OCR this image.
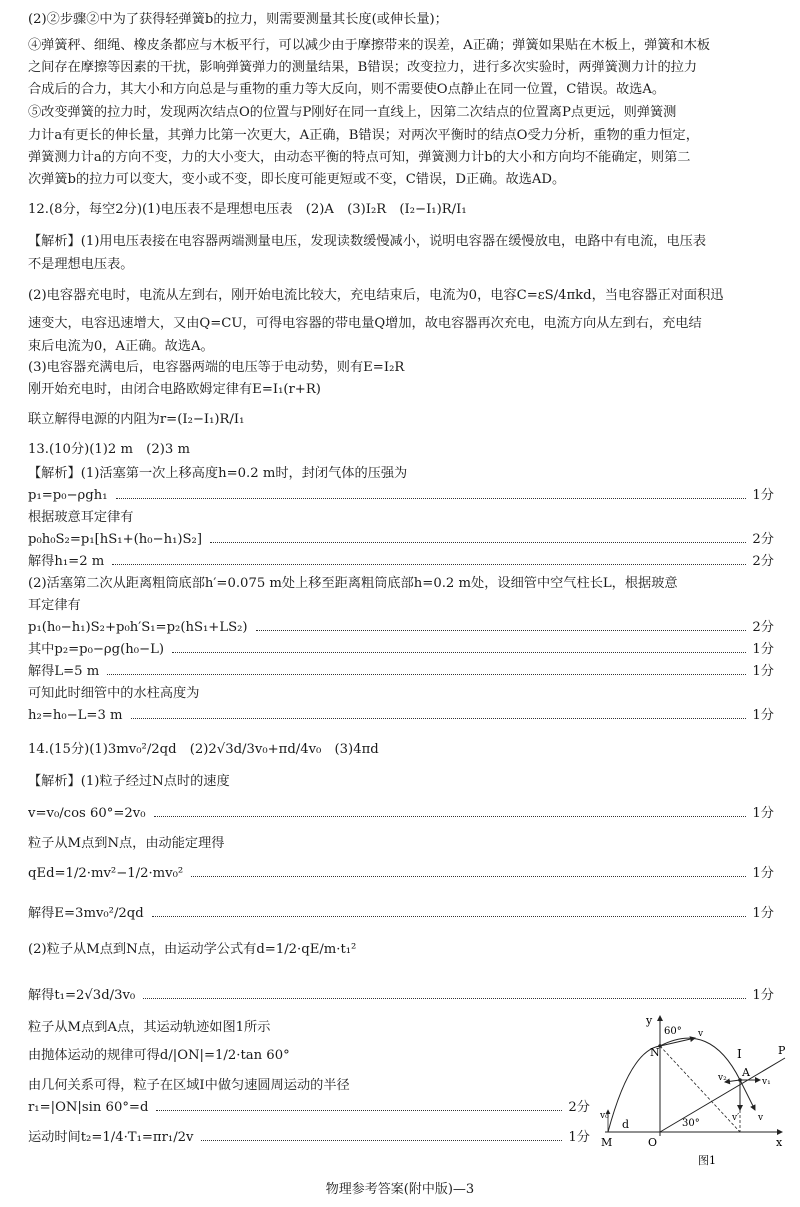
(2)②步骤②中为了获得轻弹簧b的拉力，则需要测量其长度(或伸长量)；
④弹簧秤、细绳、橡皮条都应与木板平行，可以减少由于摩擦带来的误差，A正确；弹簧如果贴在木板上，弹簧和木板
之间存在摩擦等因素的干扰，影响弹簧弹力的测量结果，B错误；改变拉力，进行多次实验时，两弹簧测力计的拉力
合成后的合力，其大小和方向总是与重物的重力等大反向，则不需要使O点静止在同一位置，C错误。故选A。
⑤改变弹簧的拉力时，发现两次结点O的位置与P刚好在同一直线上，因第二次结点的位置离P点更远，则弹簧测
力计a有更长的伸长量，其弹力比第一次更大，A正确，B错误；对两次平衡时的结点O受力分析，重物的重力恒定，
弹簧测力计a的方向不变，力的大小变大，由动态平衡的特点可知，弹簧测力计b的大小和方向均不能确定，则第二
次弹簧b的拉力可以变大，变小或不变，即长度可能更短或不变，C错误，D正确。故选AD。
12.(8分，每空2分)(1)电压表不是理想电压表　(2)A　(3)I₂R　(I₂−I₁)R/I₁
【解析】(1)用电压表接在电容器两端测量电压，发现读数缓慢减小，说明电容器在缓慢放电，电路中有电流，电压表
不是理想电压表。
(2)电容器充电时，电流从左到右，刚开始电流比较大，充电结束后，电流为0，电容C=εS/4πkd，当电容器正对面积迅
速变大，电容迅速增大，又由Q=CU，可得电容器的带电量Q增加，故电容器再次充电，电流方向从左到右，充电结
束后电流为0，A正确。故选A。
(3)电容器充满电后，电容器两端的电压等于电动势，则有E=I₂R
刚开始充电时，由闭合电路欧姆定律有E=I₁(r+R)
联立解得电源的内阻为r=(I₂−I₁)R/I₁
13.(10分)(1)2 m　(2)3 m
【解析】(1)活塞第一次上移高度h=0.2 m时，封闭气体的压强为
p₁=p₀−ρgh₁	1分
根据玻意耳定律有
p₀h₀S₂=p₁[hS₁+(h₀−h₁)S₂]	2分
解得h₁=2 m	2分
(2)活塞第二次从距离粗筒底部h′=0.075 m处上移至距离粗筒底部h=0.2 m处，设细管中空气柱长L，根据玻意
耳定律有
p₁(h₀−h₁)S₂+p₀h′S₁=p₂(hS₁+LS₂)	2分
其中p₂=p₀−ρg(h₀−L)	1分
解得L=5 m	1分
可知此时细管中的水柱高度为
h₂=h₀−L=3 m	1分
14.(15分)(1)3mv₀²/2qd　(2)2√3d/3v₀+πd/4v₀　(3)4πd
【解析】(1)粒子经过N点时的速度
v=v₀/cos 60°=2v₀	1分
粒子从M点到N点，由动能定理得
qEd=1/2·mv²−1/2·mv₀²	1分
解得E=3mv₀²/2qd	1分
(2)粒子从M点到N点，由运动学公式有d=1/2·qE/m·t₁²
解得t₁=2√3d/3v₀	1分
粒子从M点到A点，其运动轨迹如图1所示
由抛体运动的规律可得d/|ON|=1/2·tan 60°
由几何关系可得，粒子在区域Ⅰ中做匀速圆周运动的半径
r₁=|ON|sin 60°=d	2分
运动时间t₂=1/4·T₁=πr₁/2v	1分
y
x
M	O
N
A
P
Ⅰ
d
v₀
v
v₁
v₂
v′ v
60°
30°
图1
物理参考答案(附中版)—3
